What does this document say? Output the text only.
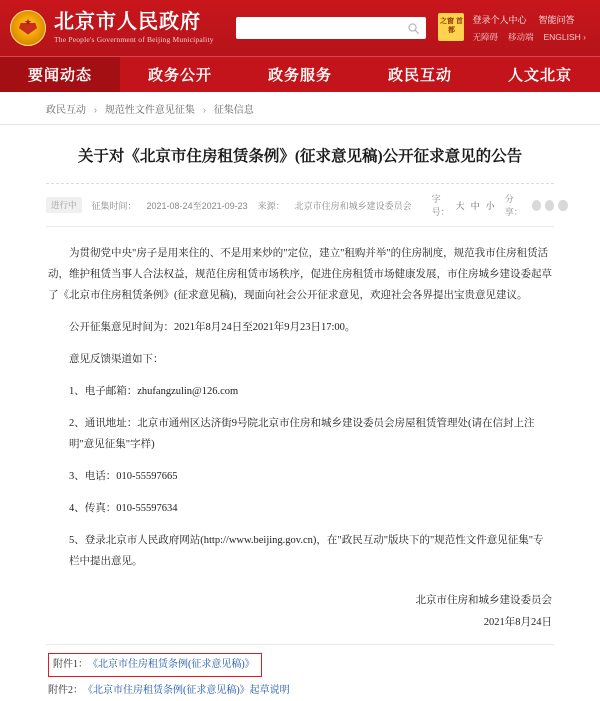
★ 北京市人民政府
The People's Government of Beijing Municipality
之窗 首都
登录个人中心 智能问答
无障碍 移动端 ENGLISH ›
要闻动态	政务公开	政务服务	政民互动	人文北京
政民互动 › 规范性文件意见征集 › 征集信息
关于对《北京市住房租赁条例》(征求意见稿)公开征求意见的公告
进行中	征集时间： 2021-08-24至2021-09-23 来源： 北京市住房和城乡建设委员会
字号：
大 中 小
分享：

为贯彻党中央"房子是用来住的、不是用来炒的"定位，建立"租购并举"的住房制度，规范我市住房租赁活动，维护租赁当事人合法权益，规范住房租赁市场秩序，促进住房租赁市场健康发展，市住房城乡建设委起草了《北京市住房租赁条例》(征求意见稿)，现面向社会公开征求意见，欢迎社会各界提出宝贵意见建议。

公开征集意见时间为：2021年8月24日至2021年9月23日17:00。

意见反馈渠道如下：

1、电子邮箱：zhufangzulin@126.com

2、通讯地址：北京市通州区达济街9号院北京市住房和城乡建设委员会房屋租赁管理处(请在信封上注明"意见征集"字样)

3、电话：010-55597665

4、传真：010-55597634

5、登录北京市人民政府网站(http://www.beijing.gov.cn)，在"政民互动"版块下的"规范性文件意见征集"专栏中提出意见。

北京市住房和城乡建设委员会
2021年8月24日
附件1： 《北京市住房租赁条例(征求意见稿)》
附件2： 《北京市住房租赁条例(征求意见稿)》起草说明
